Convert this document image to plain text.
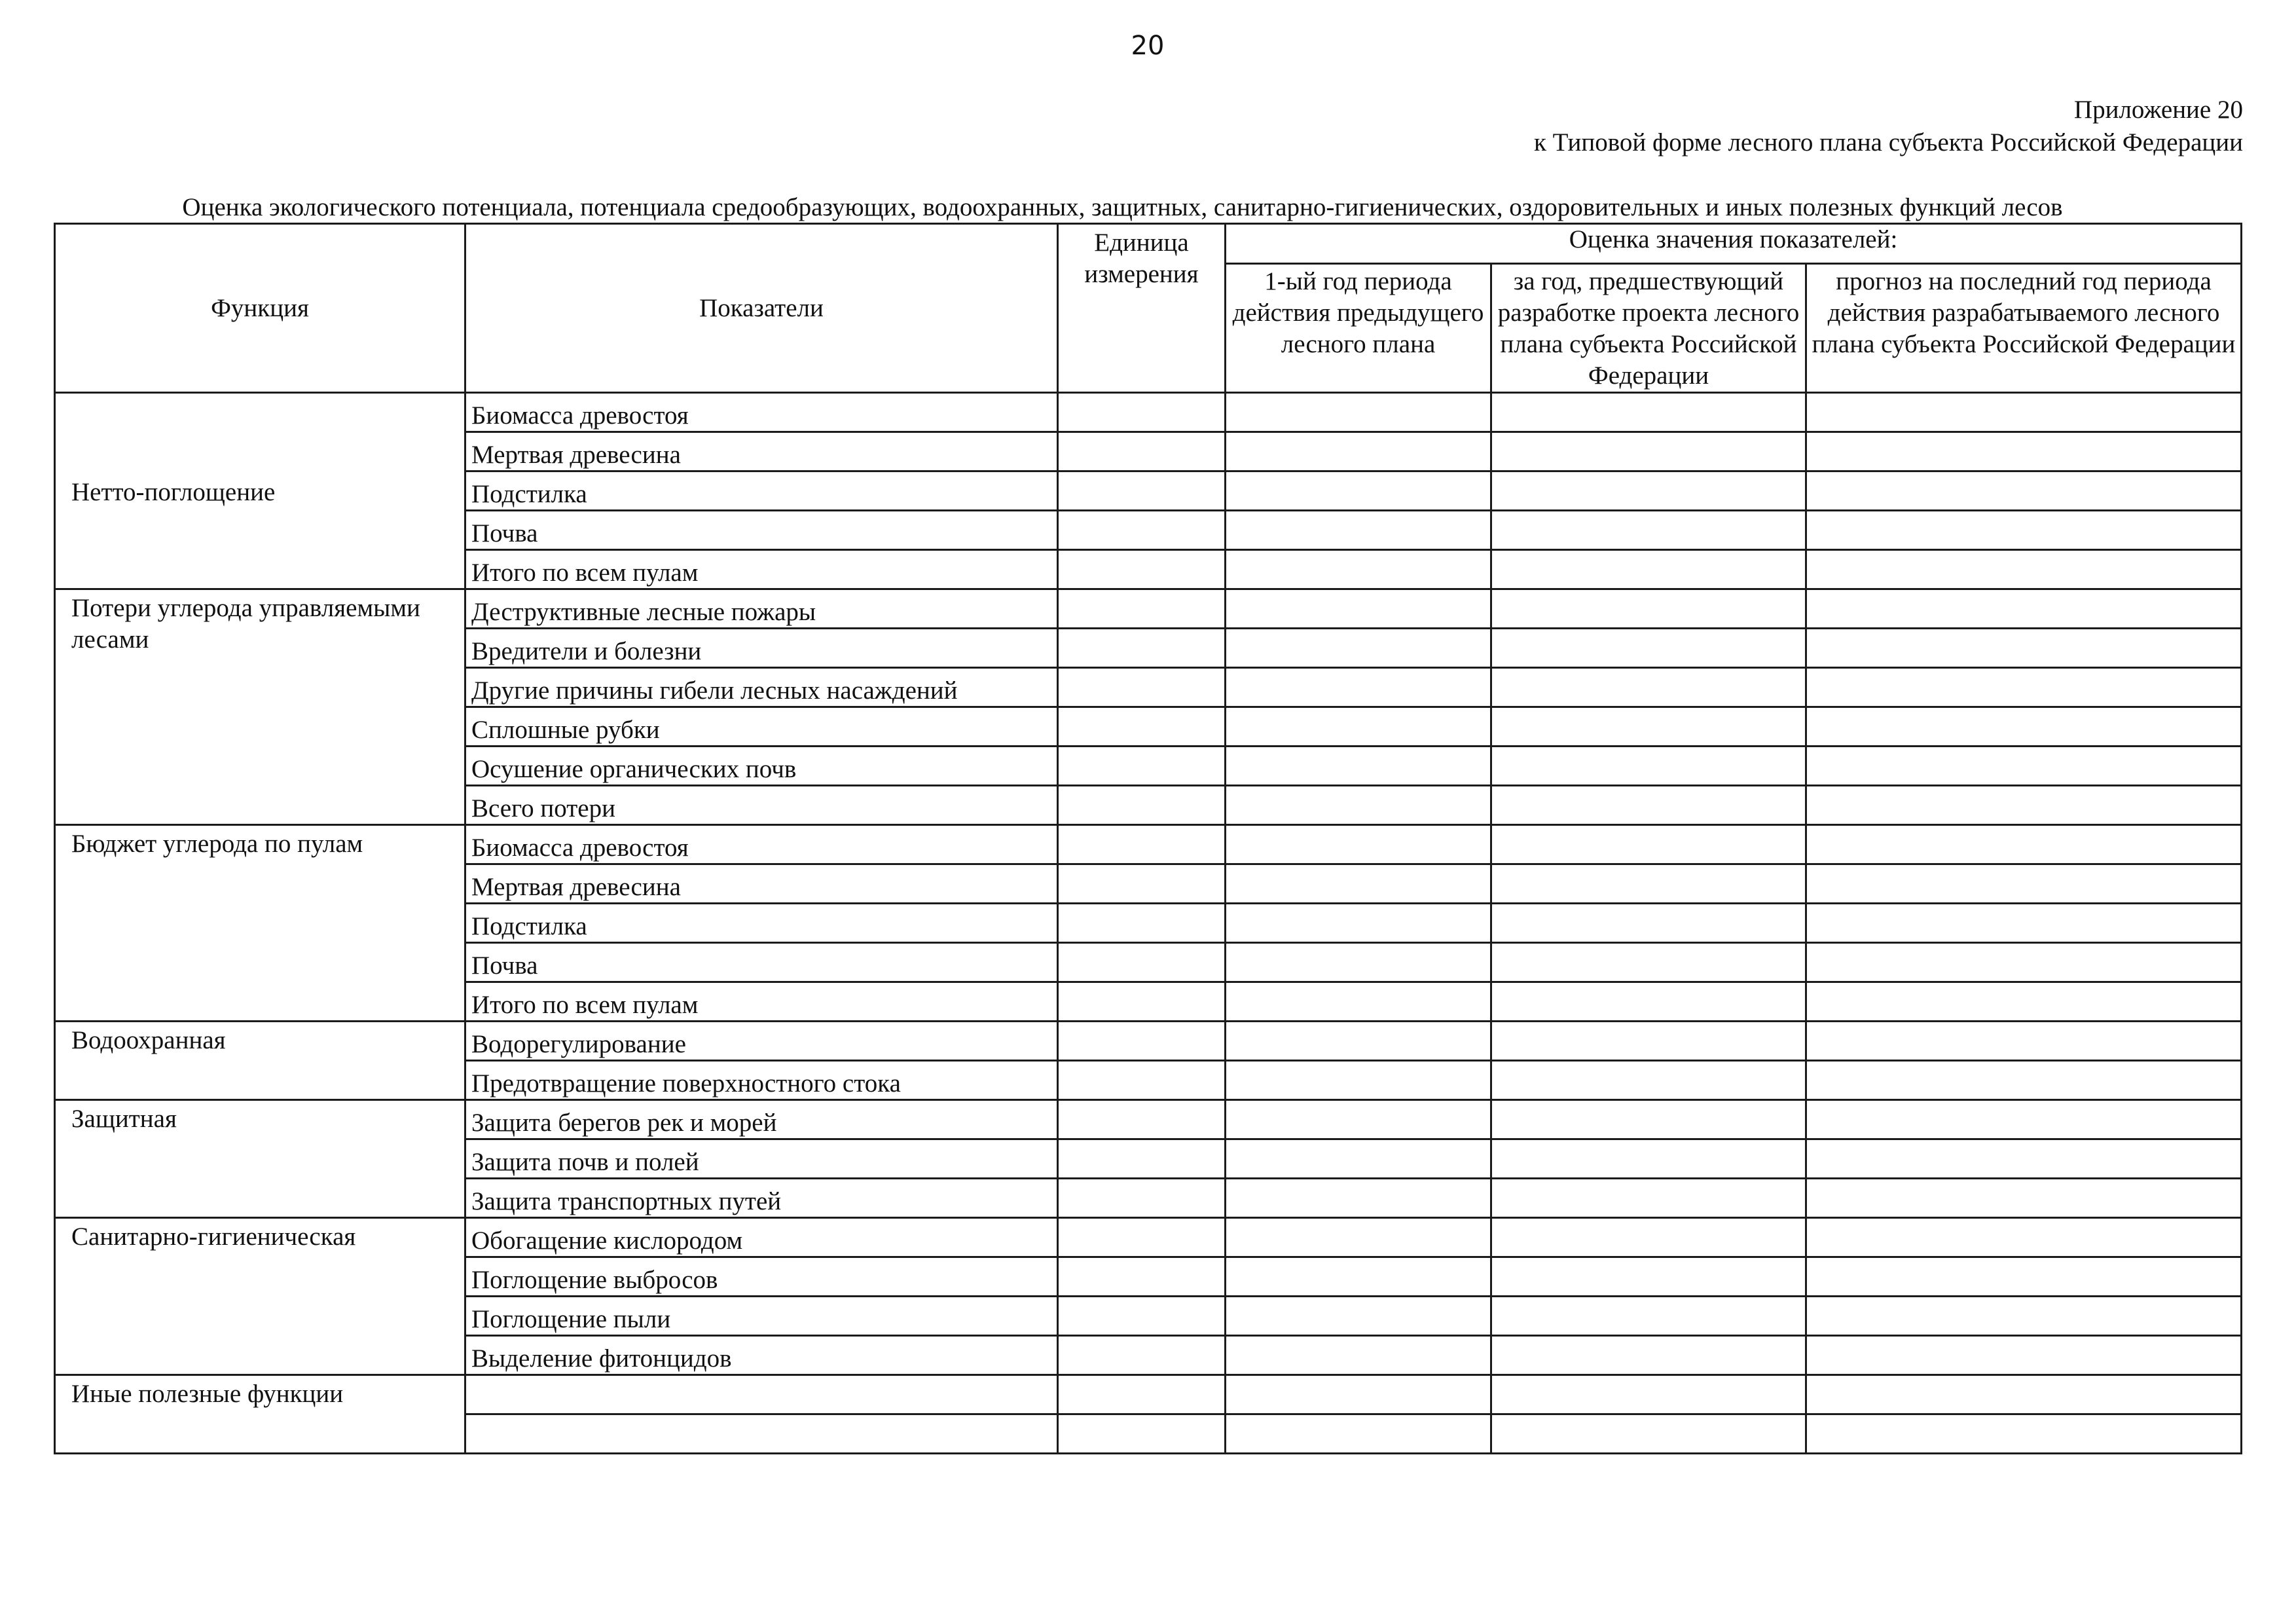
20
Приложение 20
к Типовой форме лесного плана субъекта Российской Федерации
Оценка экологического потенциала, потенциала средообразующих, водоохранных, защитных, санитарно-гигиенических, оздоровительных и иных полезных функций лесов
Функция	Показатели	Единица измерения	Оценка значения показателей:		
			1-ый год периода действия предыдущего лесного плана	за год, предшествующий разработке проекта лесного плана субъекта Российской Федерации	прогноз на последний год периода действия разрабатываемого лесного плана субъекта Российской Федерации
Нетто-поглощение	Биомасса древостоя				
	Мертвая древесина				
	Подстилка				
	Почва				
	Итого по всем пулам				
Потери углерода управляемыми лесами	Деструктивные лесные пожары				
	Вредители и болезни				
	Другие причины гибели лесных насаждений				
	Сплошные рубки				
	Осушение органических почв				
	Всего потери				
Бюджет углерода по пулам	Биомасса древостоя				
	Мертвая древесина				
	Подстилка				
	Почва				
	Итого по всем пулам				
Водоохранная	Водорегулирование				
	Предотвращение поверхностного стока				
Защитная	Защита берегов рек и морей				
	Защита почв и полей				
	Защита транспортных путей				
Санитарно-гигиеническая	Обогащение кислородом				
	Поглощение выбросов				
	Поглощение пыли				
	Выделение фитонцидов				
Иные полезные функции					
